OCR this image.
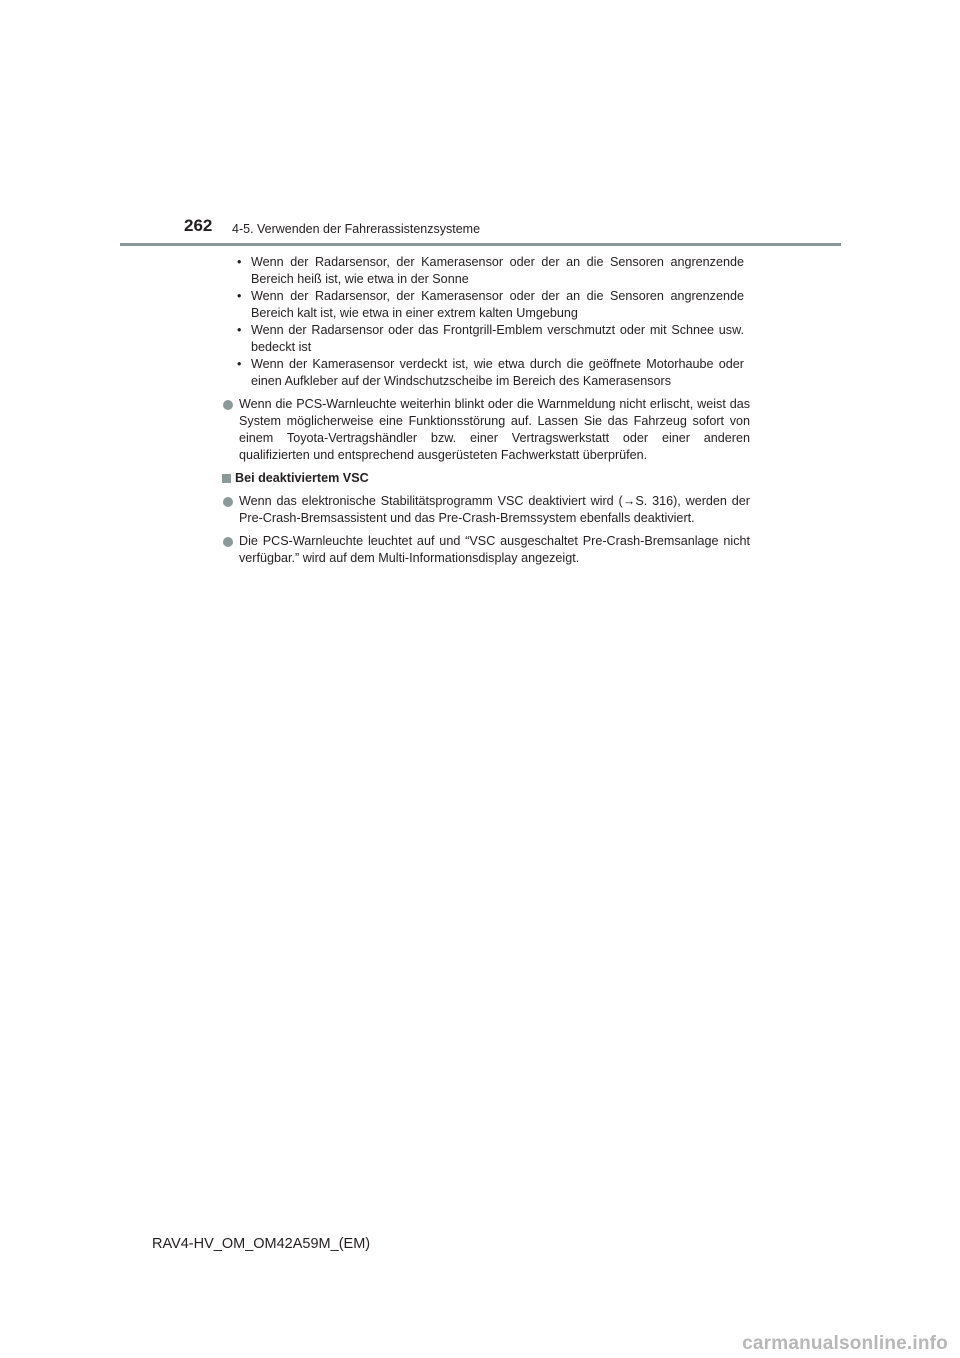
262 4-5. Verwenden der Fahrerassistenzsysteme
• Wenn der Radarsensor, der Kamerasensor oder der an die Sensoren angrenzende Bereich heiß ist, wie etwa in der Sonne
• Wenn der Radarsensor, der Kamerasensor oder der an die Sensoren angrenzende Bereich kalt ist, wie etwa in einer extrem kalten Umgebung
• Wenn der Radarsensor oder das Frontgrill-Emblem verschmutzt oder mit Schnee usw. bedeckt ist
• Wenn der Kamerasensor verdeckt ist, wie etwa durch die geöffnete Motorhaube oder einen Aufkleber auf der Windschutzscheibe im Bereich des Kamerasensors
Wenn die PCS-Warnleuchte weiterhin blinkt oder die Warnmeldung nicht erlischt, weist das System möglicherweise eine Funktionsstörung auf. Lassen Sie das Fahrzeug sofort von einem Toyota-Vertragshändler bzw. einer Vertragswerkstatt oder einer anderen qualifizierten und entsprechend ausgerüsteten Fachwerkstatt überprüfen.
Bei deaktiviertem VSC
Wenn das elektronische Stabilitätsprogramm VSC deaktiviert wird (→S. 316), werden der Pre-Crash-Bremsassistent und das Pre-Crash-Bremssystem ebenfalls deaktiviert.
Die PCS-Warnleuchte leuchtet auf und “VSC ausgeschaltet Pre-Crash-Bremsanlage nicht verfügbar.” wird auf dem Multi-Informationsdisplay angezeigt.
RAV4-HV_OM_OM42A59M_(EM)
carmanualsonline.info
